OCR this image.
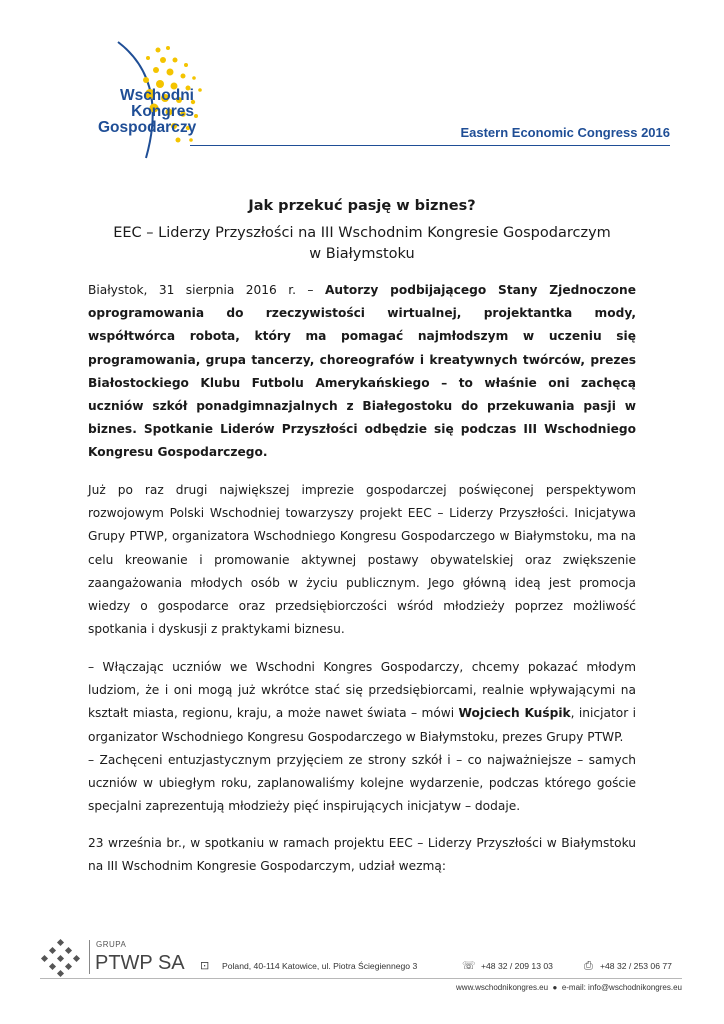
Wschodni
Kongres
Gospodarczy	Eastern Economic Congress 2016
Jak przekuć pasję w biznes?
EEC – Liderzy Przyszłości na III Wschodnim Kongresie Gospodarczym
w Białymstoku

Białystok, 31 sierpnia 2016 r. – Autorzy podbijającego Stany Zjednoczone oprogramowania do rzeczywistości wirtualnej, projektantka mody, współtwórca robota, który ma pomagać najmłodszym w uczeniu się programowania, grupa tancerzy, choreografów i kreatywnych twórców, prezes Białostockiego Klubu Futbolu Amerykańskiego – to właśnie oni zachęcą uczniów szkół ponadgimnazjalnych z Białegostoku do przekuwania pasji w biznes. Spotkanie Liderów Przyszłości odbędzie się podczas III Wschodniego Kongresu Gospodarczego.

Już po raz drugi największej imprezie gospodarczej poświęconej perspektywom rozwojowym Polski Wschodniej towarzyszy projekt EEC – Liderzy Przyszłości. Inicjatywa Grupy PTWP, organizatora Wschodniego Kongresu Gospodarczego w Białymstoku, ma na celu kreowanie i promowanie aktywnej postawy obywatelskiej oraz zwiększenie zaangażowania młodych osób w życiu publicznym. Jego główną ideą jest promocja wiedzy o gospodarce oraz przedsiębiorczości wśród młodzieży poprzez możliwość spotkania i dyskusji z praktykami biznesu.

– Włączając uczniów we Wschodni Kongres Gospodarczy, chcemy pokazać młodym ludziom, że i oni mogą już wkrótce stać się przedsiębiorcami, realnie wpływającymi na kształt miasta, regionu, kraju, a może nawet świata – mówi Wojciech Kuśpik, inicjator i organizator Wschodniego Kongresu Gospodarczego w Białymstoku, prezes Grupy PTWP.
– Zachęceni entuzjastycznym przyjęciem ze strony szkół i – co najważniejsze – samych uczniów w ubiegłym roku, zaplanowaliśmy kolejne wydarzenie, podczas którego goście specjalni zaprezentują młodzieży pięć inspirujących inicjatyw – dodaje.

23 września br., w spotkaniu w ramach projektu EEC – Liderzy Przyszłości w Białymstoku na III Wschodnim Kongresie Gospodarczym, udział wezmą:

GRUPA
PTWP SA ⊡ Poland, 40-114 Katowice, ul. Piotra Ściegiennego 3	☏ +48 32 / 209 13 03	⎙ +48 32 / 253 06 77
www.wschodnikongres.eu  ●  e-mail: info@wschodnikongres.eu
